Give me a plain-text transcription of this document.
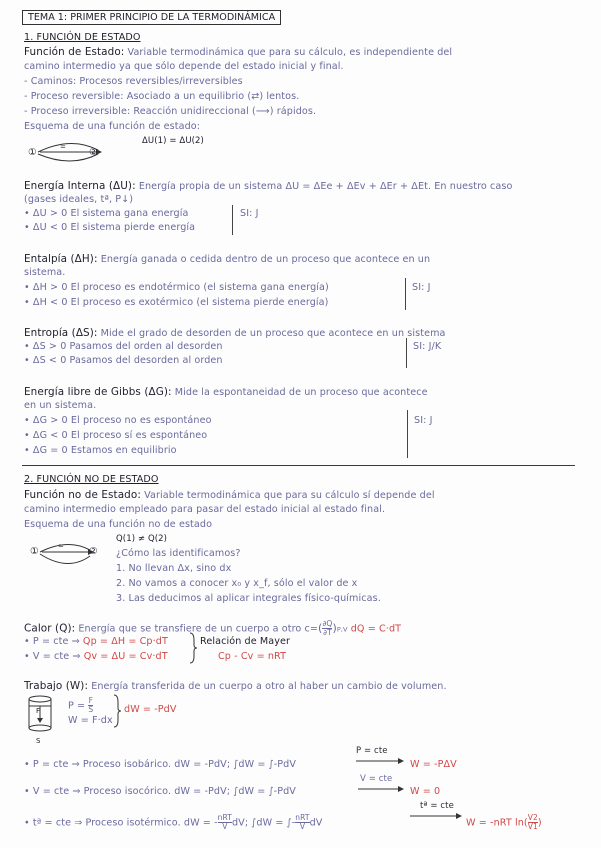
TEMA 1: PRIMER PRINCIPIO DE LA TERMODINÁMICA
1. FUNCIÓN DE ESTADO
Función de Estado: Variable termodinámica que para su cálculo, es independiente del
camino intermedio ya que sólo depende del estado inicial y final.
- Caminos: Procesos reversibles/irreversibles
- Proceso reversible: Asociado a un equilibrio (⇄) lentos.
- Proceso irreversible: Reacción unidireccional (⟶) rápidos.
Esquema de una función de estado:
=
①	②
ΔU(1) = ΔU(2)
Energía Interna (ΔU): Energía propia de un sistema ΔU = ΔEe + ΔEv + ΔEr + ΔEt. En nuestro caso
(gases ideales, tª, P↓)
• ΔU > 0 El sistema gana energía
• ΔU < 0 El sistema pierde energía
SI: J
Entalpía (ΔH): Energía ganada o cedida dentro de un proceso que acontece en un
sistema.
• ΔH > 0 El proceso es endotérmico (el sistema gana energía)
• ΔH < 0 El proceso es exotérmico (el sistema pierde energía)
SI: J
Entropía (ΔS): Mide el grado de desorden de un proceso que acontece en un sistema
• ΔS > 0 Pasamos del orden al desorden
• ΔS < 0 Pasamos del desorden al orden
SI: J/K
Energía libre de Gibbs (ΔG): Mide la espontaneidad de un proceso que acontece
en un sistema.
• ΔG > 0 El proceso no es espontáneo
• ΔG < 0 El proceso sí es espontáneo
• ΔG = 0 Estamos en equilibrio
SI: J
2. FUNCIÓN NO DE ESTADO
Función no de Estado: Variable termodinámica que para su cálculo sí depende del
camino intermedio empleado para pasar del estado inicial al estado final.
Esquema de una función no de estado
=
①	②
Q(1) ≠ Q(2)
¿Cómo las identificamos?
1. No llevan Δx, sino dx
2. No vamos a conocer x₀ y x_f, sólo el valor de x
3. Las deducimos al aplicar integrales físico-químicas.
Calor (Q): Energía que se transfiere de un cuerpo a otro $c=( \frac{\partial Q}{\partial T} )P,V$ dQ = C·dT
• P = cte ⇒ Qp = ΔH = Cp·dT
• V = cte ⇒ Qv = ΔU = Cv·dT
Relación de Mayer
Cp - Cv = nRT
Trabajo (W): Energía transferida de un cuerpo a otro al haber un cambio de volumen.
F
S
$P = \frac{F}{S}$
W = F·dx
dW = -PdV
• P = cte ⇒ Proceso isobárico. dW = -PdV; ∫dW = ∫-PdV
P = cte
W = -PΔV
• V = cte ⇒ Proceso isocórico. dW = -PdV; ∫dW = ∫-PdV
V = cte
W = 0
• tª = cte ⇒ Proceso isotérmico. dW = - $\frac{\text{nRT}}{V}$ dV; ∫dW = ∫- $\frac{\text{nRT}}{V}$ dV
tª = cte
W = -nRT $\ln( \frac{V2}{V1}$ )
